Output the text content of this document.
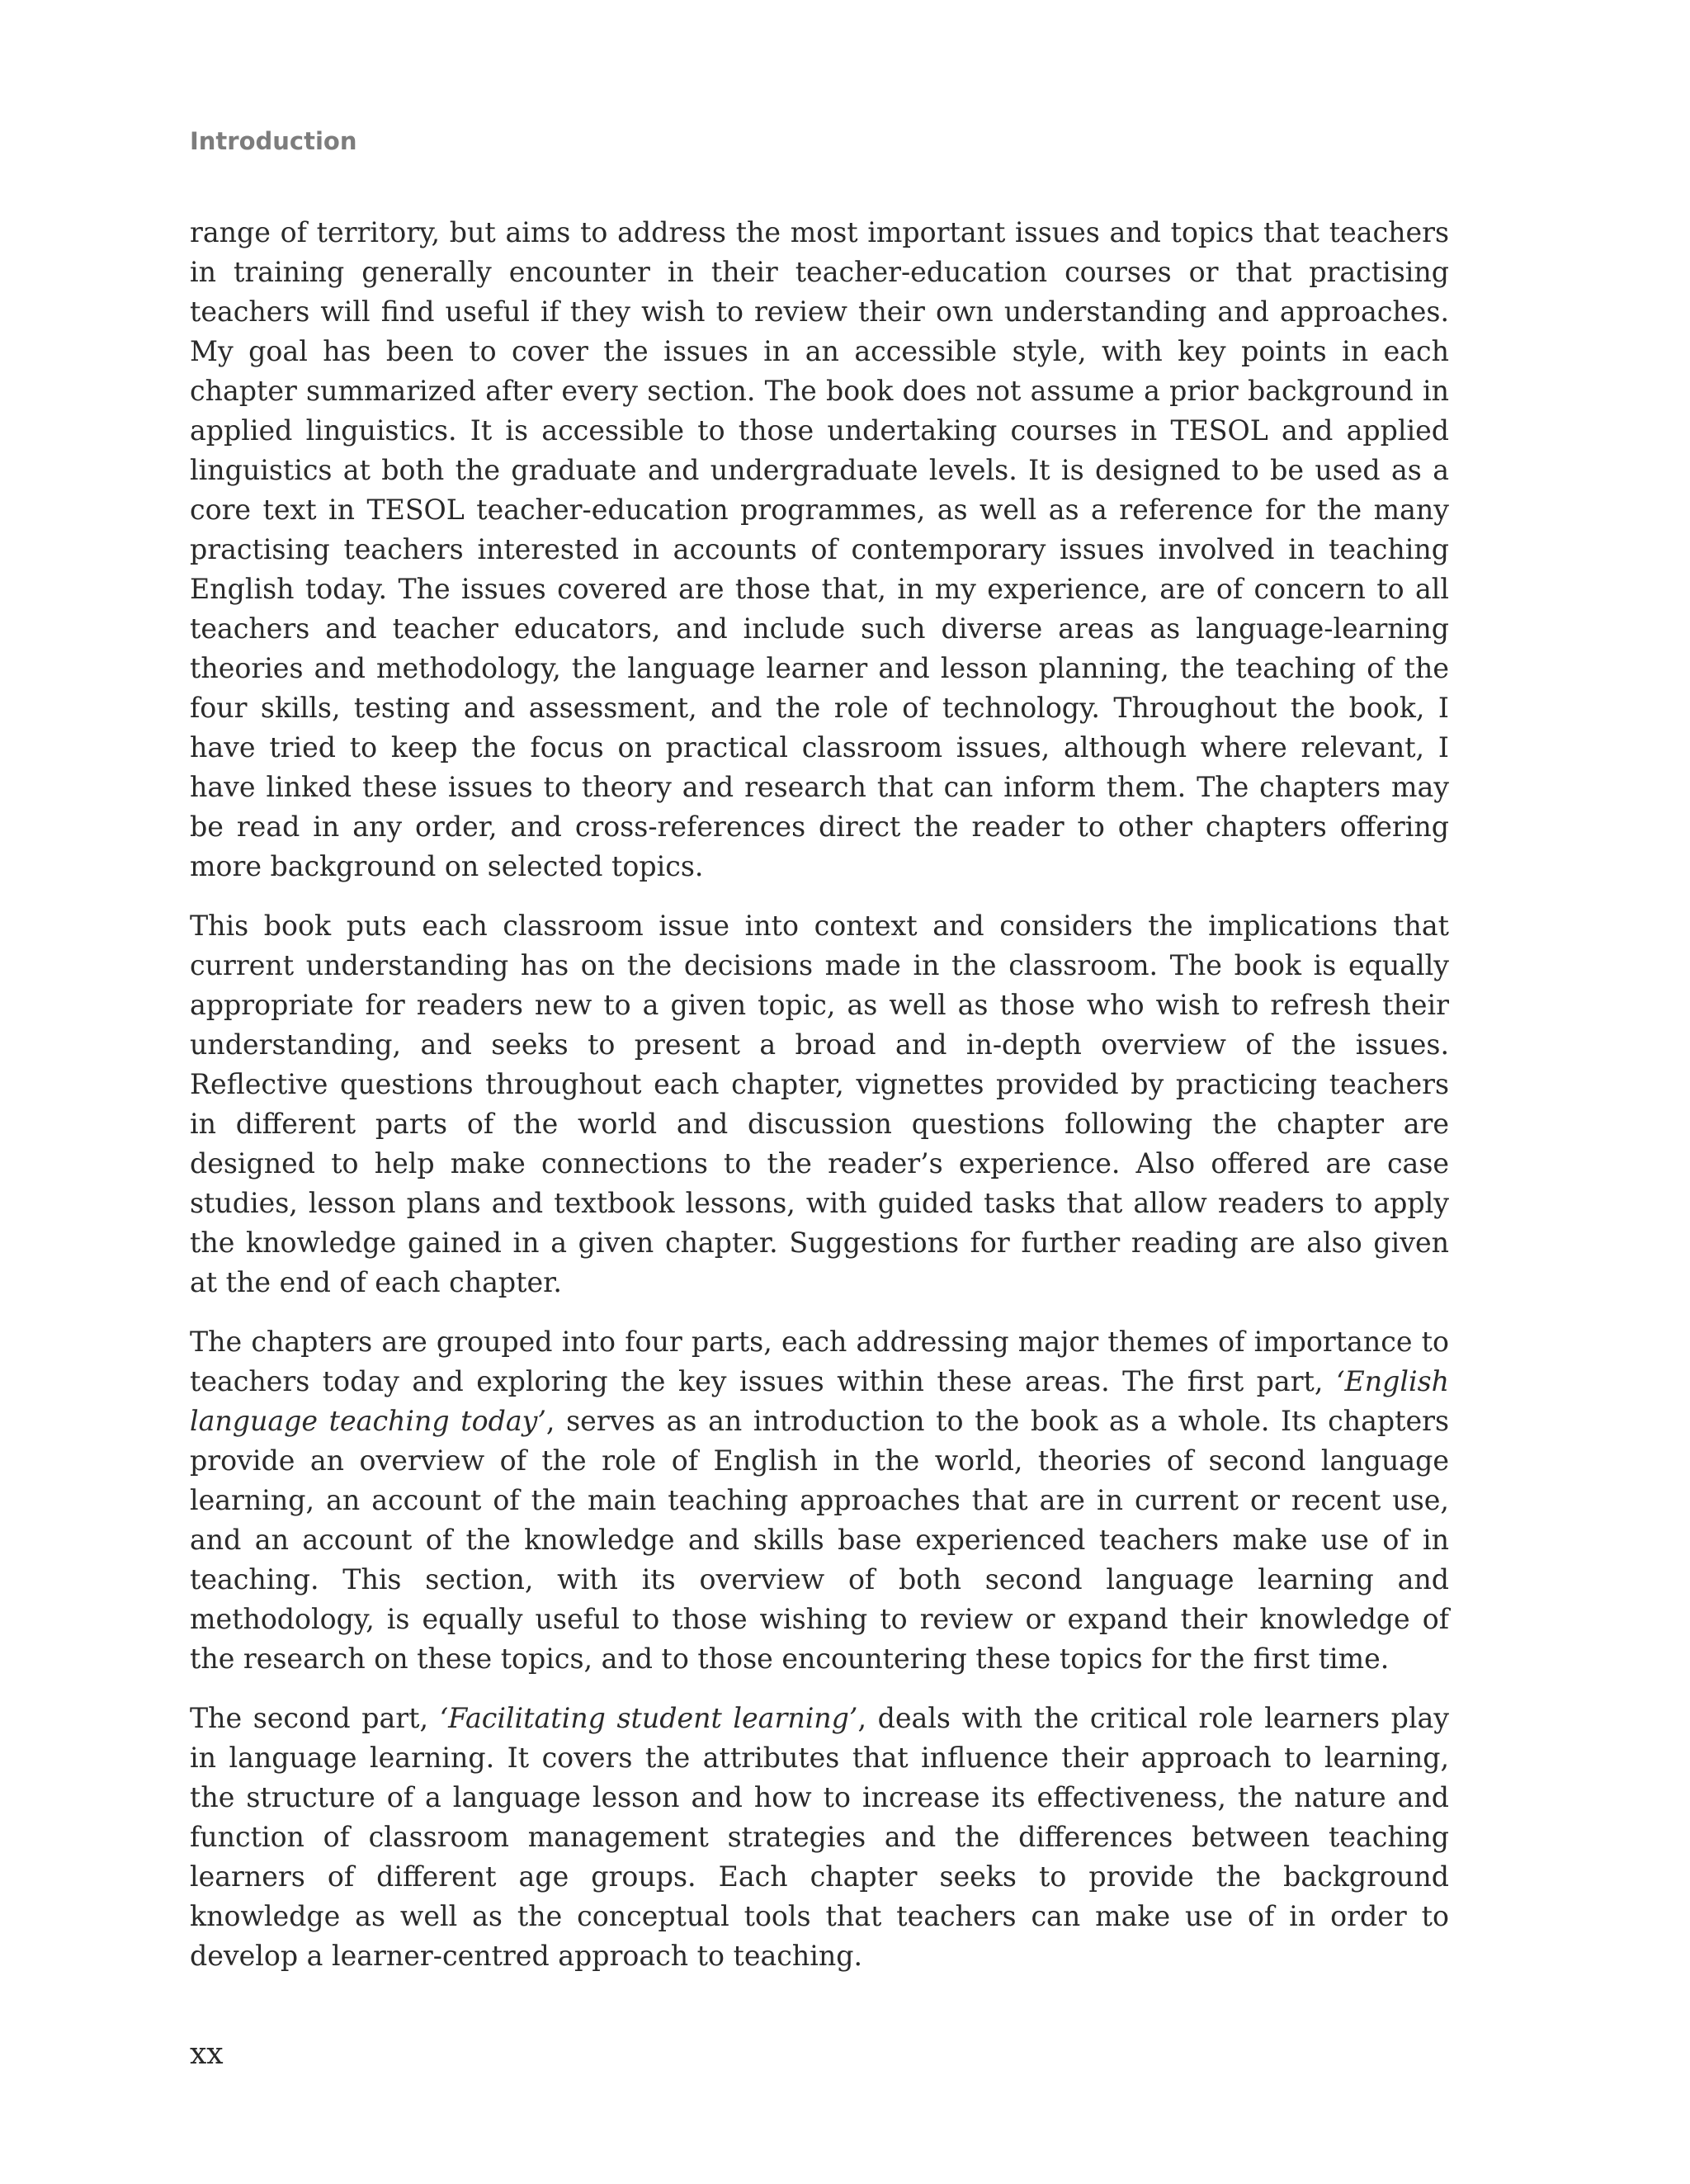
Introduction

range of territory, but aims to address the most important issues and topics that teachers in training generally encounter in their teacher-education courses or that practising teachers will find useful if they wish to review their own understanding and approaches. My goal has been to cover the issues in an accessible style, with key points in each chapter summarized after every section. The book does not assume a prior background in applied linguistics. It is accessible to those undertaking courses in TESOL and applied linguistics at both the graduate and undergraduate levels. It is designed to be used as a core text in TESOL teacher-education programmes, as well as a reference for the many practising teachers interested in accounts of contemporary issues involved in teaching English today. The issues covered are those that, in my experience, are of concern to all teachers and teacher educators, and include such diverse areas as language-learning theories and methodology, the language learner and lesson planning, the teaching of the four skills, testing and assessment, and the role of technology. Throughout the book, I have tried to keep the focus on practical classroom issues, although where relevant, I have linked these issues to theory and research that can inform them. The chapters may be read in any order, and cross-references direct the reader to other chapters offering more background on selected topics.

This book puts each classroom issue into context and considers the implications that current understanding has on the decisions made in the classroom. The book is equally appropriate for readers new to a given topic, as well as those who wish to refresh their understanding, and seeks to present a broad and in-depth overview of the issues. Reflective questions throughout each chapter, vignettes provided by practicing teachers in different parts of the world and discussion questions following the chapter are designed to help make connections to the reader’s experience. Also offered are case studies, lesson plans and textbook lessons, with guided tasks that allow readers to apply the knowledge gained in a given chapter. Suggestions for further reading are also given at the end of each chapter.

The chapters are grouped into four parts, each addressing major themes of importance to teachers today and exploring the key issues within these areas. The first part, ‘English language teaching today’, serves as an introduction to the book as a whole. Its chapters provide an overview of the role of English in the world, theories of second language learning, an account of the main teaching approaches that are in current or recent use, and an account of the knowledge and skills base experienced teachers make use of in teaching. This section, with its overview of both second language learning and methodology, is equally useful to those wishing to review or expand their knowledge of the research on these topics, and to those encountering these topics for the first time.

The second part, ‘Facilitating student learning’, deals with the critical role learners play in language learning. It covers the attributes that influence their approach to learning, the structure of a language lesson and how to increase its effectiveness, the nature and function of classroom management strategies and the differences between teaching learners of different age groups. Each chapter seeks to provide the background knowledge as well as the conceptual tools that teachers can make use of in order to develop a learner-centred approach to teaching.

xx
